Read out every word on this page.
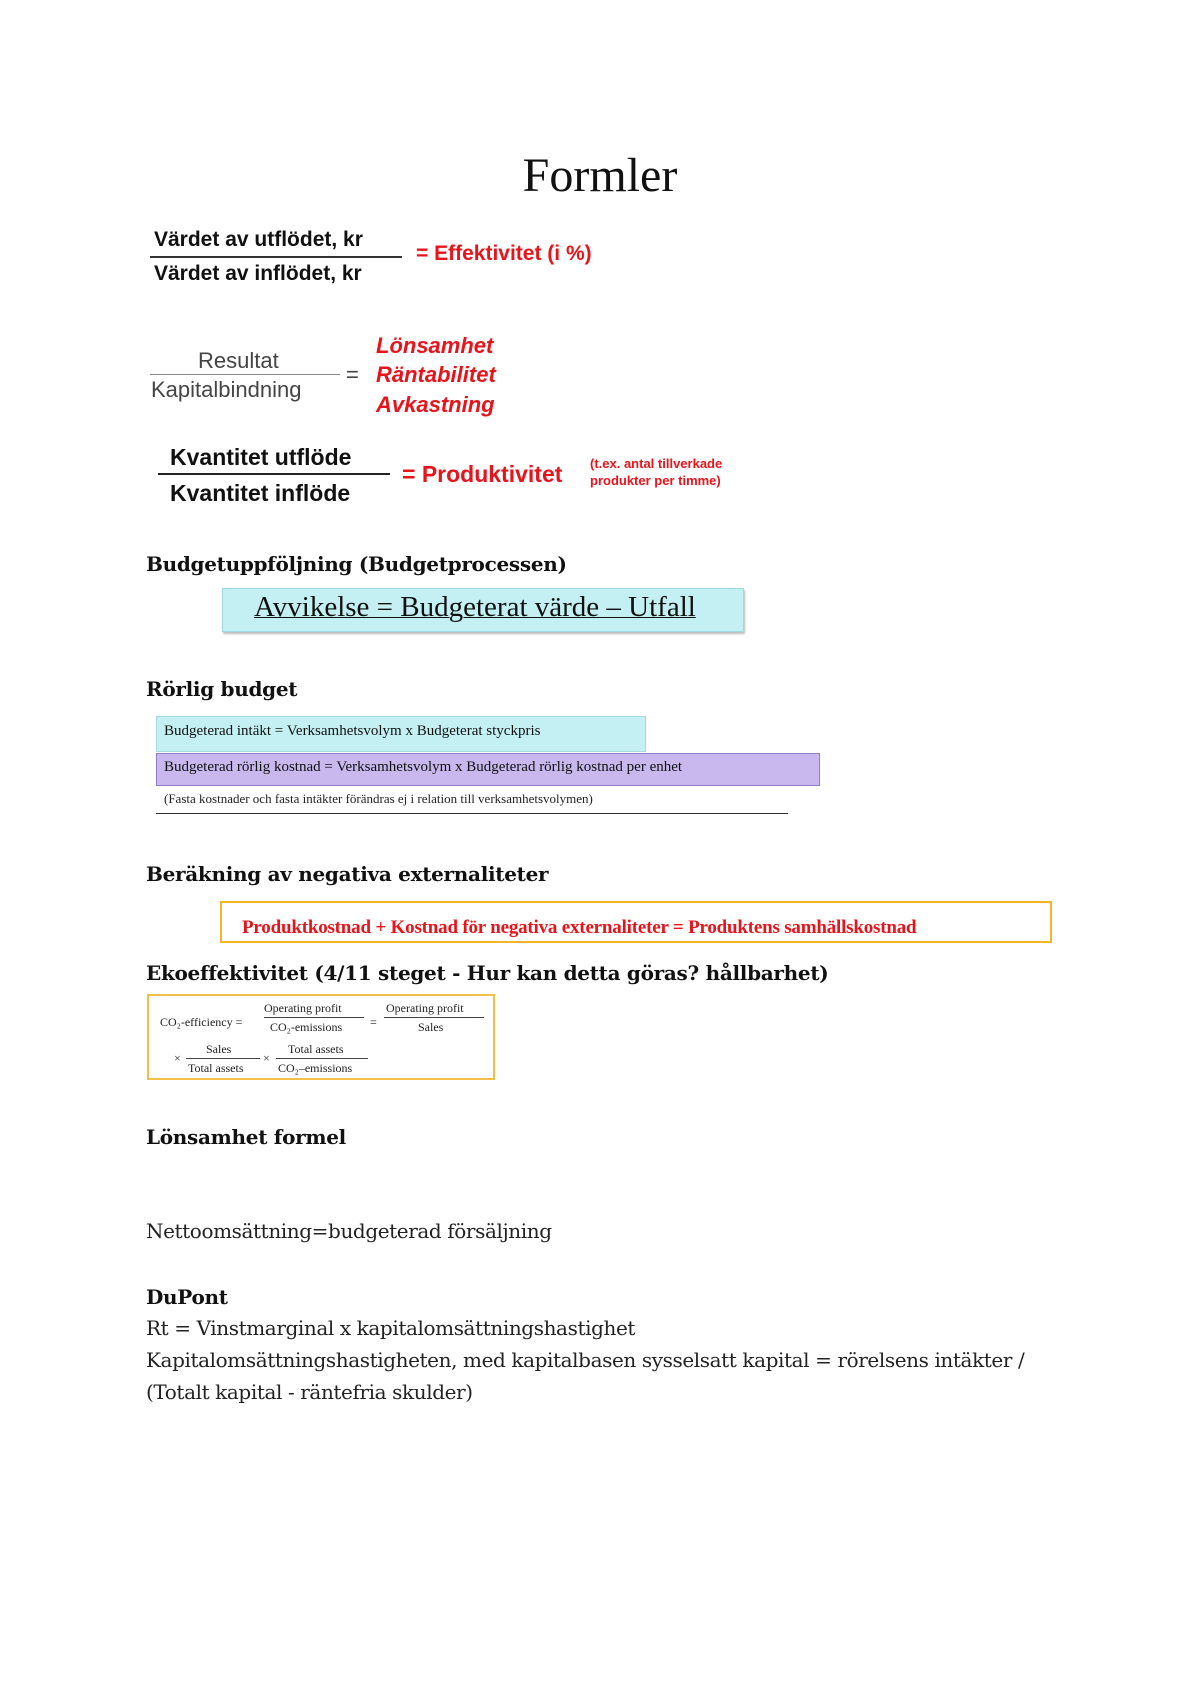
Formler
Värdet av utflödet, kr
Värdet av inflödet, kr
= Effektivitet (i %)
Resultat
Kapitalbindning
=
Lönsamhet
Räntabilitet
Avkastning
Kvantitet utflöde
Kvantitet inflöde
= Produktivitet (t.ex. antal tillverkade
produkter per timme)
Budgetuppföljning (Budgetprocessen)
Avvikelse = Budgeterat värde – Utfall
Rörlig budget
Budgeterad intäkt = Verksamhetsvolym x Budgeterat styckpris
Budgeterad rörlig kostnad = Verksamhetsvolym x Budgeterad rörlig kostnad per enhet
(Fasta kostnader och fasta intäkter förändras ej i relation till verksamhetsvolymen)
Beräkning av negativa externaliteter
Produktkostnad + Kostnad för negativa externaliteter = Produktens samhällskostnad
Ekoeffektivitet (4/11 steget - Hur kan detta göras? hållbarhet)
CO₂-efficiency =
Operating profit
CO₂-emissions =
Operating profit
Sales
×
Sales
Total assets
×
Total assets
CO₂–emissions
Lönsamhet formel
Nettoomsättning=budgeterad försäljning
DuPont
Rt = Vinstmarginal x kapitalomsättningshastighet
Kapitalomsättningshastigheten, med kapitalbasen sysselsatt kapital = rörelsens intäkter /
(Totalt kapital - räntefria skulder)
